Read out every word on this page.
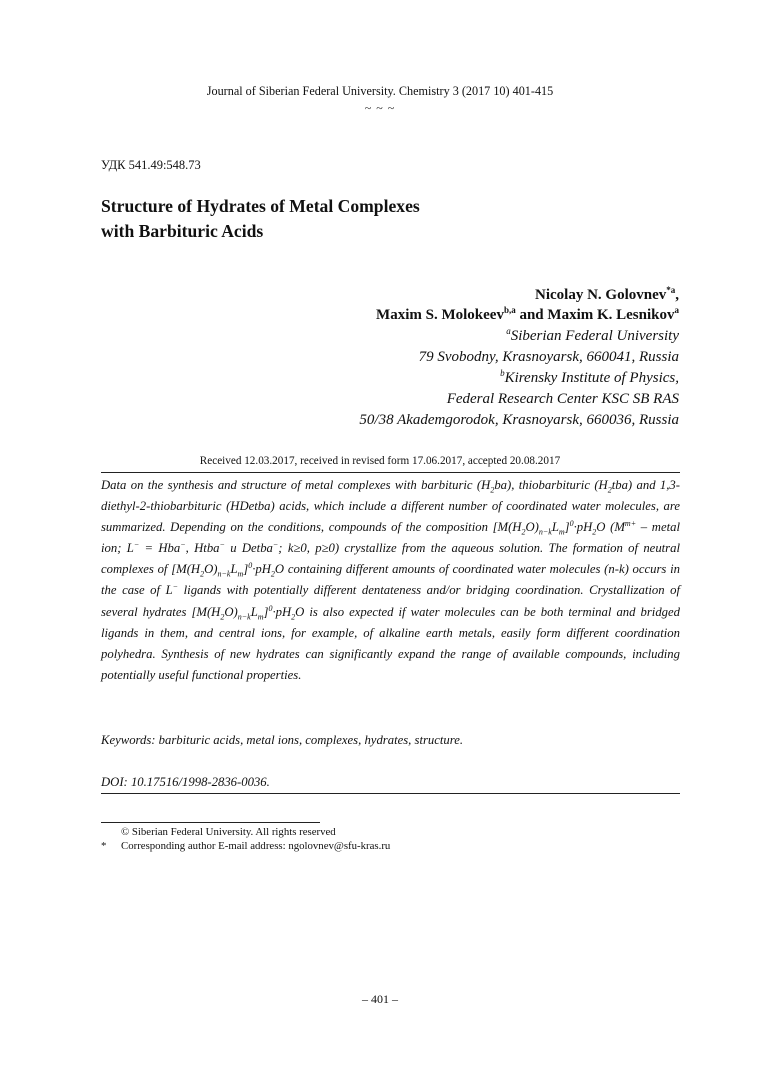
Journal of Siberian Federal University. Chemistry 3 (2017 10) 401-415
~ ~ ~
УДК 541.49:548.73
Structure of Hydrates of Metal Complexes
with Barbituric Acids
Nicolay N. Golovnev$^{*a}$,
Maxim S. Molokeev$^{b,a}$ and Maxim K. Lesnikov$^a$
$^a$Siberian Federal University
79 Svobodny, Krasnoyarsk, 660041, Russia
$^b$Kirensky Institute of Physics,
Federal Research Center KSC SB RAS
50/38 Akademgorodok, Krasnoyarsk, 660036, Russia
Received 12.03.2017, received in revised form 17.06.2017, accepted 20.08.2017

Data on the synthesis and structure of metal complexes with barbituric $(H_2ba)$, thiobarbituric $(H_2tba)$ and 1,3-diethyl-2-thiobarbituric (HDetba) acids, which include a different number of coordinated water molecules, are summarized. Depending on the conditions, compounds of the composition $[M(H_2O)_{n-k}L_m]^0\cdot pH_2O$ ($M^{m+}$ – metal ion; L− = Hba−, Htba− и Detba−; k≥0, p≥0) crystallize from the aqueous solution. The formation of neutral complexes of $[M(H_2O)_{n-k}L_m]^0\cdot pH_2O$ containing different amounts of coordinated water molecules (n-k) occurs in the case of L− ligands with potentially different dentateness and/or bridging coordination. Crystallization of several hydrates $[M(H_2O)_{n-k}L_m]^0\cdot pH_2O$ is also expected if water molecules can be both terminal and bridged ligands in them, and central ions, for example, of alkaline earth metals, easily form different coordination polyhedra. Synthesis of new hydrates can significantly expand the range of available compounds, including potentially useful functional properties.

Keywords: barbituric acids, metal ions, complexes, hydrates, structure.
DOI: 10.17516/1998-2836-0036.
© Siberian Federal University. All rights reserved
* Corresponding author E-mail address: ngolovnev@sfu-kras.ru
– 401 –
